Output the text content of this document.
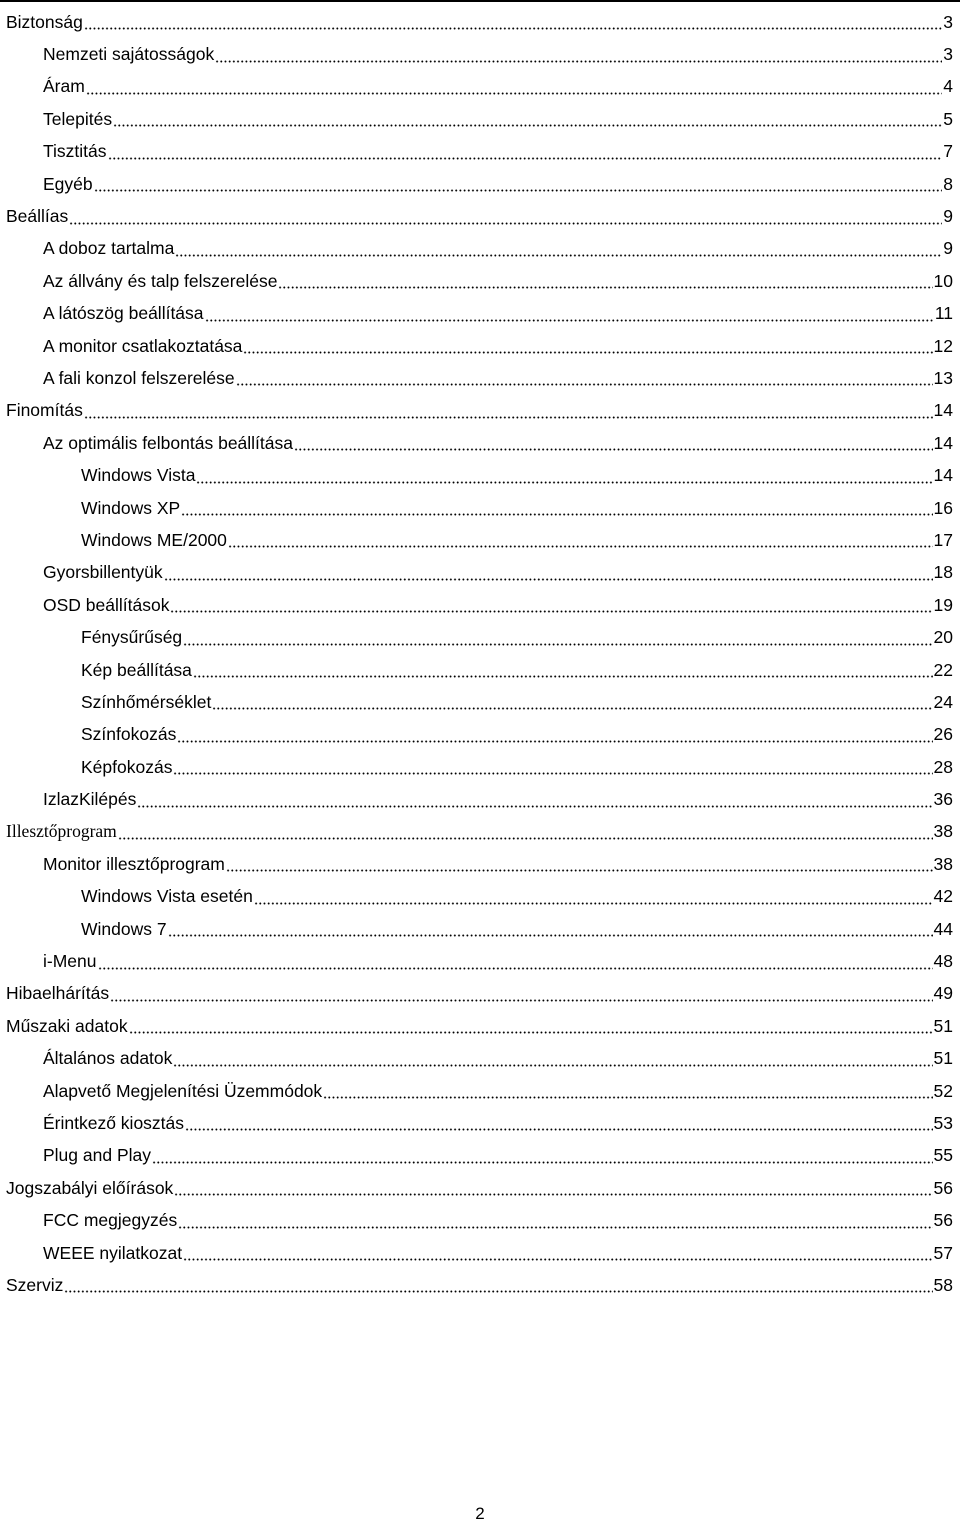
Biztonság	3
Nemzeti sajátosságok	3
Áram	4
Telepités	5
Tisztitás	7
Egyéb	8
Beállías	9
A doboz tartalma	9
Az állvány és talp felszerelése	10
A látószög beállítása	11
A monitor csatlakoztatása	12
A fali konzol felszerelése	13
Finomítás	14
Az optimális felbontás beállítása	14
Windows Vista	14
Windows XP	16
Windows ME/2000	17
Gyorsbillentyük	18
OSD beállítások	19
Fénysűrűség	20
Kép beállítása	22
Színhőmérséklet	24
Színfokozás	26
Képfokozás	28
IzlazKilépés	36
Illesztőprogram	38
Monitor illesztőprogram	38
Windows Vista esetén	42
Windows 7	44
i-Menu	48
Hibaelhárítás	49
Műszaki adatok	51
Általános adatok	51
Alapvető Megjelenítési Üzemmódok	52
Érintkező kiosztás	53
Plug and Play	55
Jogszabályi előírások	56
FCC megjegyzés	56
WEEE nyilatkozat	57
Szerviz	58
2
